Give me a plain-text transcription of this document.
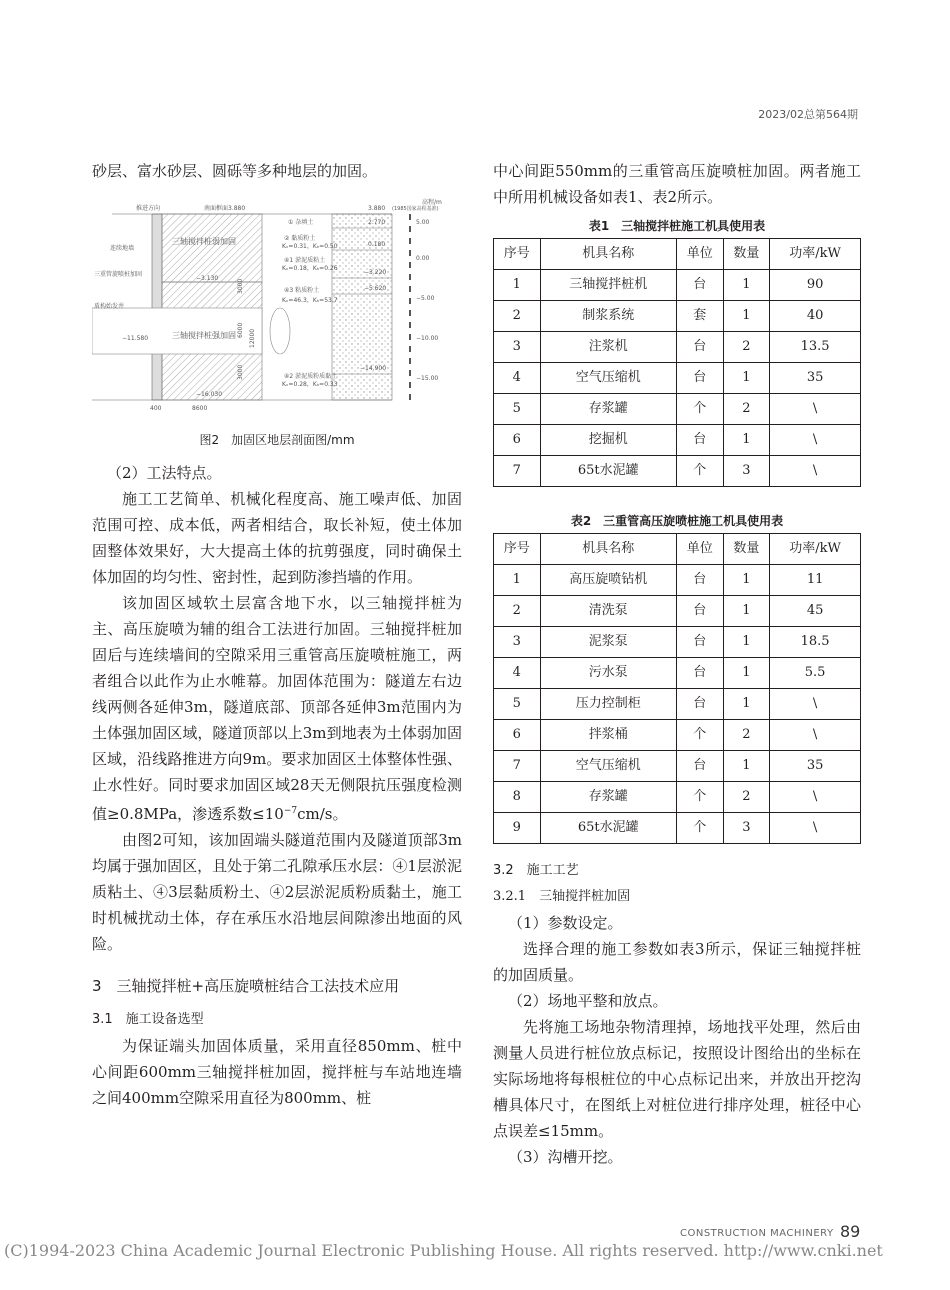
2023/02总第564期

砂层、富水砂层、圆砾等多种地层的加固。

高程/m
(1985国家高程基准)
推进方向	南面框面3.880
三轴搅拌桩弱加固
三轴搅拌桩强加固
连续地墙
三重管旋喷桩加固
盾构始发井
① 杂填土
② 黏质粉土
Kᵥ=0.31，Kₕ=0.50
④1 淤泥质粘土
Kᵥ=0.18，Kₕ=0.26
④3 粘质粉土
Kᵥ=46.3，Kₕ=53.7
④2 淤泥质粉质黏土
Kᵥ=0.28，Kₕ=0.33
3.880
2.770
0.180
−3.220
−5.620
−14.900
−3.130
−11.580
−16.030
5.00
0.00
−5.00
−10.00
−15.00
3000
6000
3000
12000
400	8600
图2　加固区地层剖面图/mm

（2）工法特点。

施工工艺简单、机械化程度高、施工噪声低、加固范围可控、成本低，两者相结合，取长补短，使土体加固整体效果好，大大提高土体的抗剪强度，同时确保土体加固的均匀性、密封性，起到防渗挡墙的作用。

该加固区域软土层富含地下水，以三轴搅拌桩为主、高压旋喷为辅的组合工法进行加固。三轴搅拌桩加固后与连续墙间的空隙采用三重管高压旋喷桩施工，两者组合以此作为止水帷幕。加固体范围为：隧道左右边线两侧各延伸3m，隧道底部、顶部各延伸3m范围内为土体强加固区域，隧道顶部以上3m到地表为土体弱加固区域，沿线路推进方向9m。要求加固区土体整体性强、止水性好。同时要求加固区域28天无侧限抗压强度检测值≥0.8MPa，渗透系数$\le 10^{-7}cm/s$。

由图2可知，该加固端头隧道范围内及隧道顶部3m均属于强加固区，且处于第二孔隙承压水层：④1层淤泥质粘土、④3层黏质粉土、④2层淤泥质粉质黏土，施工时机械扰动土体，存在承压水沿地层间隙渗出地面的风险。

3　三轴搅拌桩+高压旋喷桩结合工法技术应用
3.1　施工设备选型

为保证端头加固体质量，采用直径850mm、桩中心间距600mm三轴搅拌桩加固，搅拌桩与车站地连墙之间400mm空隙采用直径为800mm、桩

中心间距550mm的三重管高压旋喷桩加固。两者施工中所用机械设备如表1、表2所示。

表1　三轴搅拌桩施工机具使用表
序号	机具名称	单位	数量	功率/kW
1	三轴搅拌桩机	台	1	90
2	制浆系统	套	1	40
3	注浆机	台	2	13.5
4	空气压缩机	台	1	35
5	存浆罐	个	2	\
6	挖掘机	台	1	\
7	65t水泥罐	个	3	\
表2　三重管高压旋喷桩施工机具使用表
序号	机具名称	单位	数量	功率/kW
1	高压旋喷钻机	台	1	11
2	清洗泵	台	1	45
3	泥浆泵	台	1	18.5
4	污水泵	台	1	5.5
5	压力控制柜	台	1	\
6	拌浆桶	个	2	\
7	空气压缩机	台	1	35
8	存浆罐	个	2	\
9	65t水泥罐	个	3	\
3.2　施工工艺
3.2.1　三轴搅拌桩加固

（1）参数设定。

选择合理的施工参数如表3所示，保证三轴搅拌桩的加固质量。

（2）场地平整和放点。

先将施工场地杂物清理掉，场地找平处理，然后由测量人员进行桩位放点标记，按照设计图给出的坐标在实际场地将每根桩位的中心点标记出来，并放出开挖沟槽具体尺寸，在图纸上对桩位进行排序处理，桩径中心点误差≤15mm。

（3）沟槽开挖。

CONSTRUCTION MACHINERY 89
(C)1994-2023 China Academic Journal Electronic Publishing House. All rights reserved. http://www.cnki.net
